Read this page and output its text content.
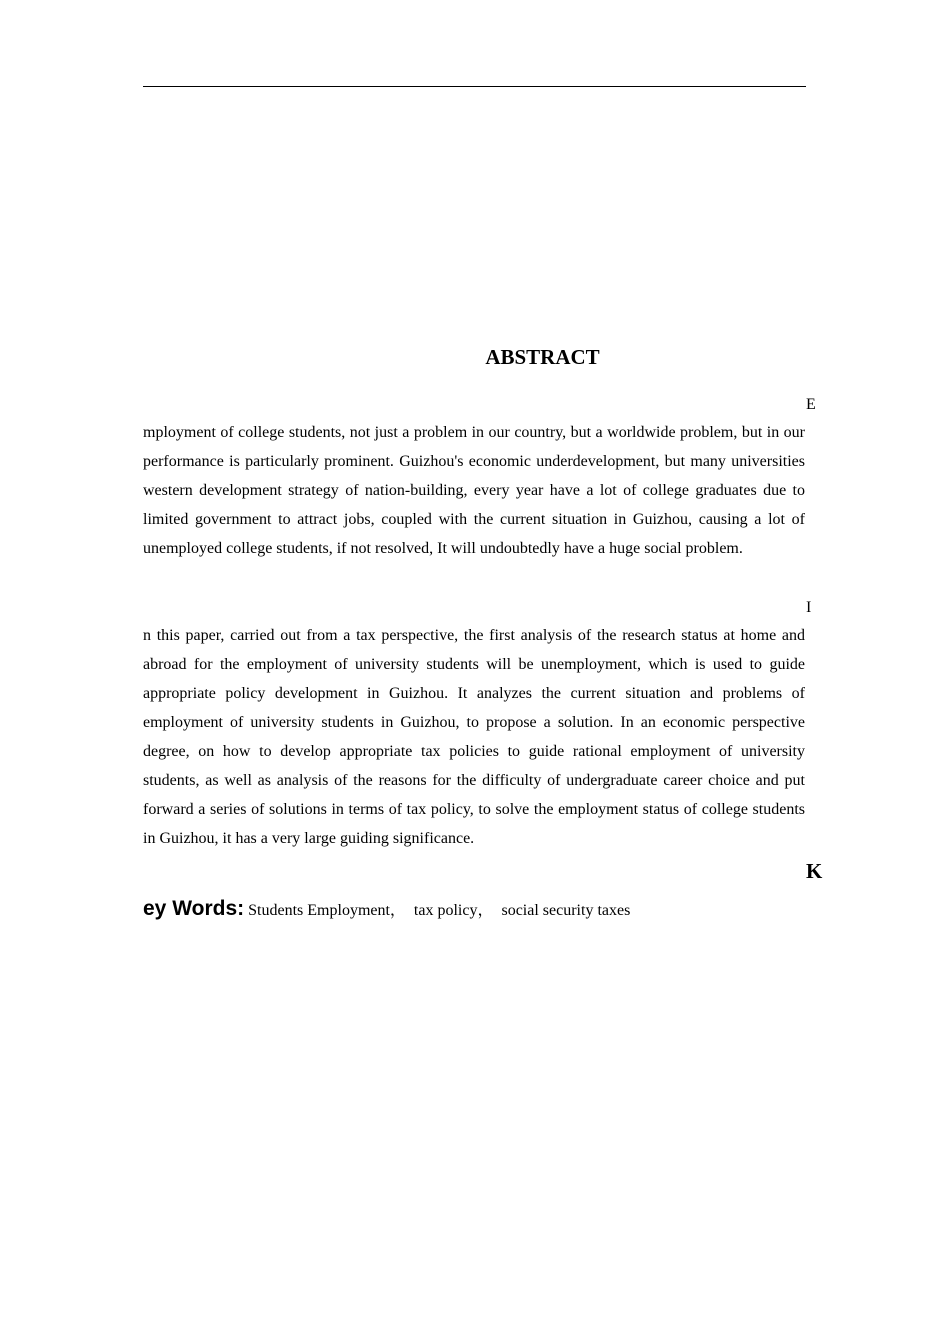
ABSTRACT
E

mployment of college students, not just a problem in our country, but a worldwide problem, but in our performance is particularly prominent. Guizhou's economic underdevelopment, but many universities western development strategy of nation-building, every year have a lot of college graduates due to limited government to attract jobs, coupled with the current situation in Guizhou, causing a lot of unemployed college students, if not resolved, It will undoubtedly have a huge social problem.

I

n this paper, carried out from a tax perspective, the first analysis of the research status at home and abroad for the employment of university students will be unemployment, which is used to guide appropriate policy development in Guizhou. It analyzes the current situation and problems of employment of university students in Guizhou, to propose a solution. In an economic perspective degree, on how to develop appropriate tax policies to guide rational employment of university students, as well as analysis of the reasons for the difficulty of undergraduate career choice and put forward a series of solutions in terms of tax policy, to solve the employment status of college students in Guizhou, it has a very large guiding significance.

K

ey Words: Students Employment，  tax policy，  social security taxes
